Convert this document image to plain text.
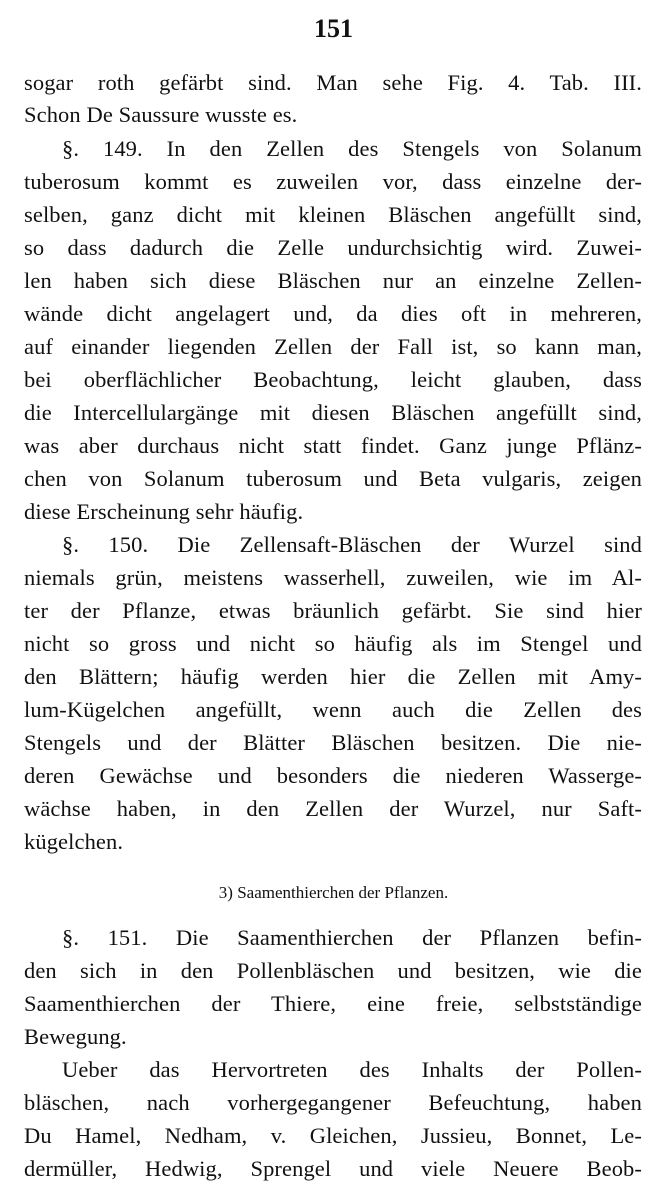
151
sogar roth gefärbt sind. Man sehe Fig. 4. Tab. III.
Schon De Saussure wusste es.
§. 149. In den Zellen des Stengels von Solanum
tuberosum kommt es zuweilen vor, dass einzelne der-
selben, ganz dicht mit kleinen Bläschen angefüllt sind,
so dass dadurch die Zelle undurchsichtig wird. Zuwei-
len haben sich diese Bläschen nur an einzelne Zellen-
wände dicht angelagert und, da dies oft in mehreren,
auf einander liegenden Zellen der Fall ist, so kann man,
bei oberflächlicher Beobachtung, leicht glauben, dass
die Intercellulargänge mit diesen Bläschen angefüllt sind,
was aber durchaus nicht statt findet. Ganz junge Pflänz-
chen von Solanum tuberosum und Beta vulgaris, zeigen
diese Erscheinung sehr häufig.
§. 150. Die Zellensaft-Bläschen der Wurzel sind
niemals grün, meistens wasserhell, zuweilen, wie im Al-
ter der Pflanze, etwas bräunlich gefärbt. Sie sind hier
nicht so gross und nicht so häufig als im Stengel und
den Blättern; häufig werden hier die Zellen mit Amy-
lum-Kügelchen angefüllt, wenn auch die Zellen des
Stengels und der Blätter Bläschen besitzen. Die nie-
deren Gewächse und besonders die niederen Wasserge-
wächse haben, in den Zellen der Wurzel, nur Saft-
kügelchen.
3) Saamenthierchen der Pflanzen.
§. 151. Die Saamenthierchen der Pflanzen befin-
den sich in den Pollenbläschen und besitzen, wie die
Saamenthierchen der Thiere, eine freie, selbstständige
Bewegung.
Ueber das Hervortreten des Inhalts der Pollen-
bläschen, nach vorhergegangener Befeuchtung, haben
Du Hamel, Nedham, v. Gleichen, Jussieu, Bonnet, Le-
dermüller, Hedwig, Sprengel und viele Neuere Beob-
